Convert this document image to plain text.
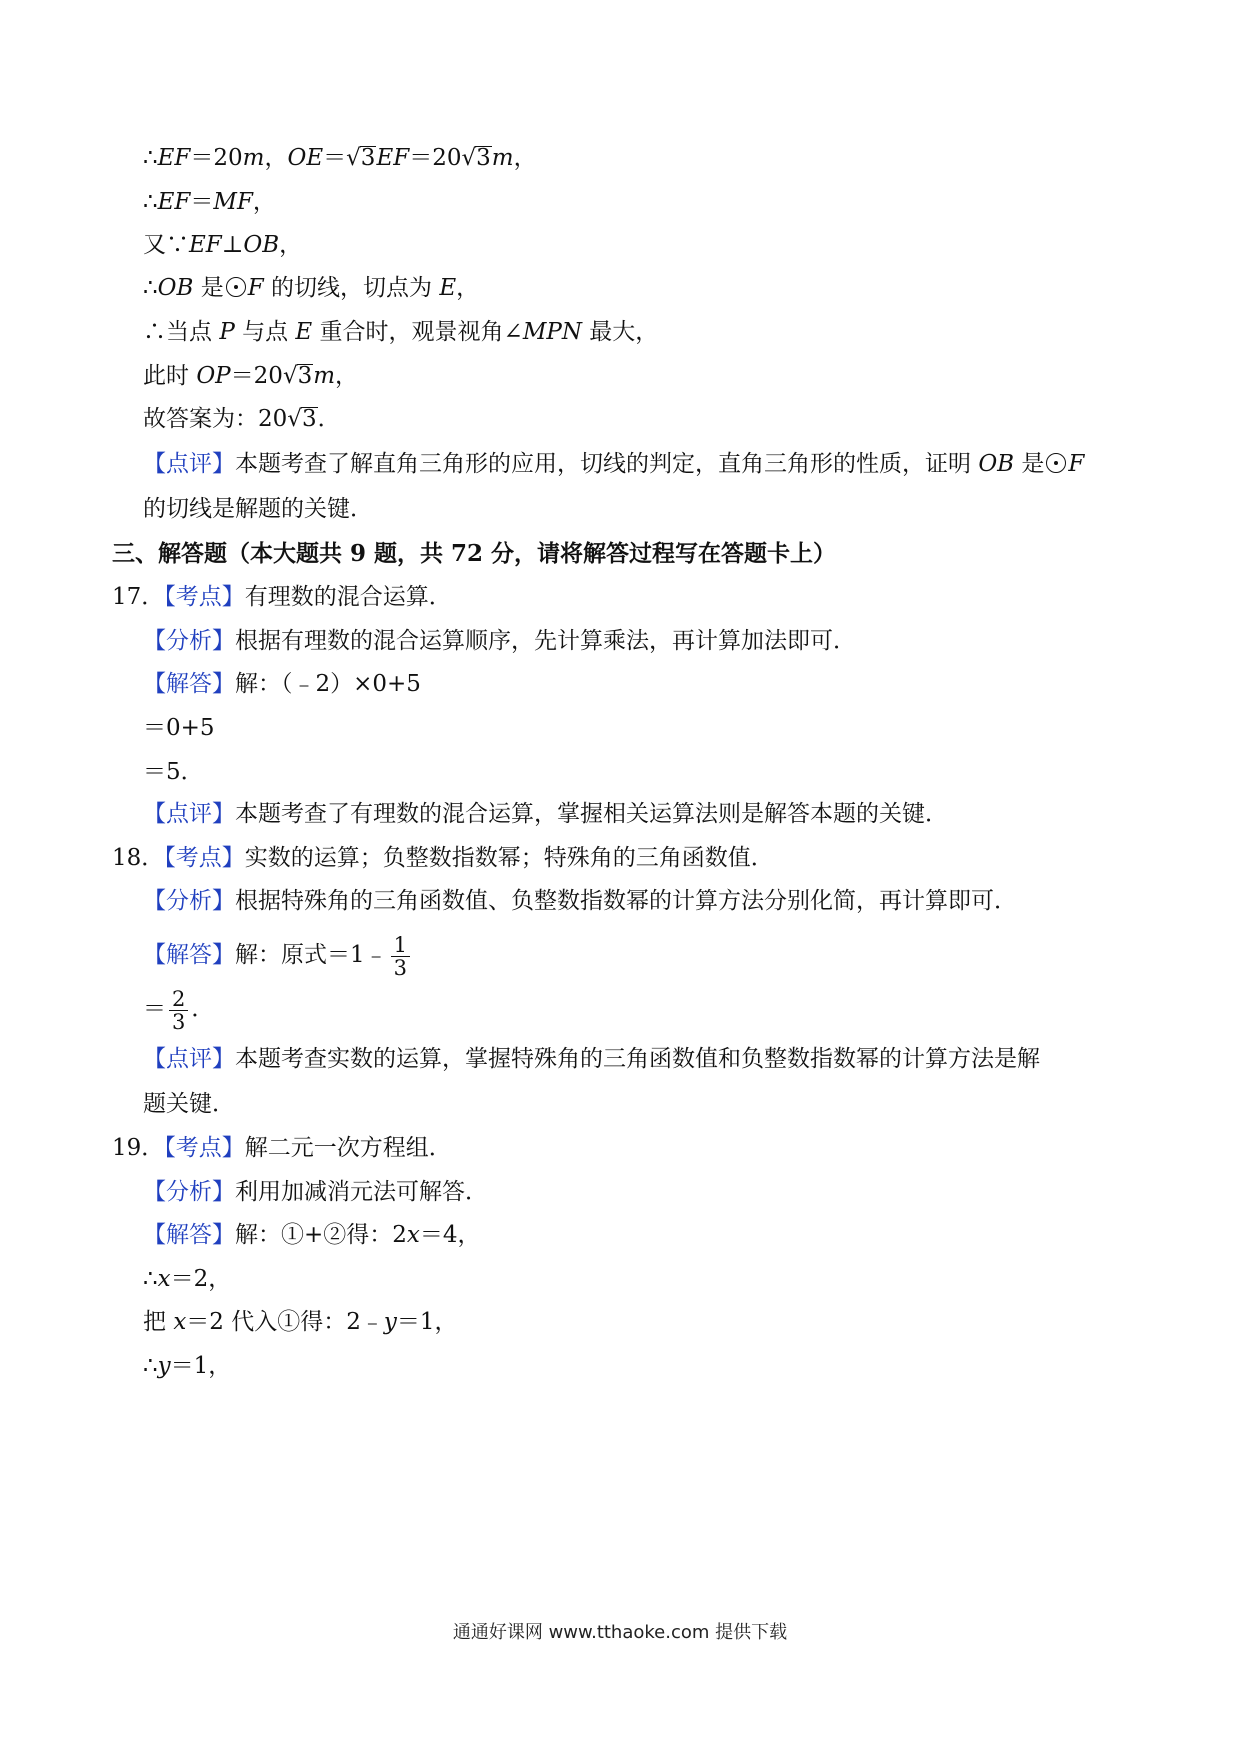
∴EF＝20m，OE＝√3EF＝20√3m，
∴EF＝MF，
又∵EF⊥OB，
∴OB 是 F 的切线，切点为 E，
∴当点 P 与点 E 重合时，观景视角∠MPN 最大，
此时 OP＝20√3m，
故答案为：20√3．
【点评】本题考查了解直角三角形的应用，切线的判定，直角三角形的性质，证明 OB 是 F
的切线是解题的关键．
三、解答题（本大题共 9 题，共 72 分，请将解答过程写在答题卡上）
17．【考点】有理数的混合运算．
【分析】根据有理数的混合运算顺序，先计算乘法，再计算加法即可．
【解答】解：（﹣2）×0+5
＝0+5
＝5．
【点评】本题考查了有理数的混合运算，掌握相关运算法则是解答本题的关键．
18．【考点】实数的运算；负整数指数幂；特殊角的三角函数值．
【分析】根据特殊角的三角函数值、负整数指数幂的计算方法分别化简，再计算即可．
【解答】解：原式＝1﹣ $\frac{1}{3}$
＝ $\frac{2}{3}$ ．
【点评】本题考查实数的运算，掌握特殊角的三角函数值和负整数指数幂的计算方法是解
题关键．
19．【考点】解二元一次方程组．
【分析】利用加减消元法可解答．
【解答】解：①+②得：2x＝4，
∴x＝2，
把 x＝2 代入①得：2﹣y＝1，
∴y＝1，
通通好课网 www.tthaoke.com 提供下载
